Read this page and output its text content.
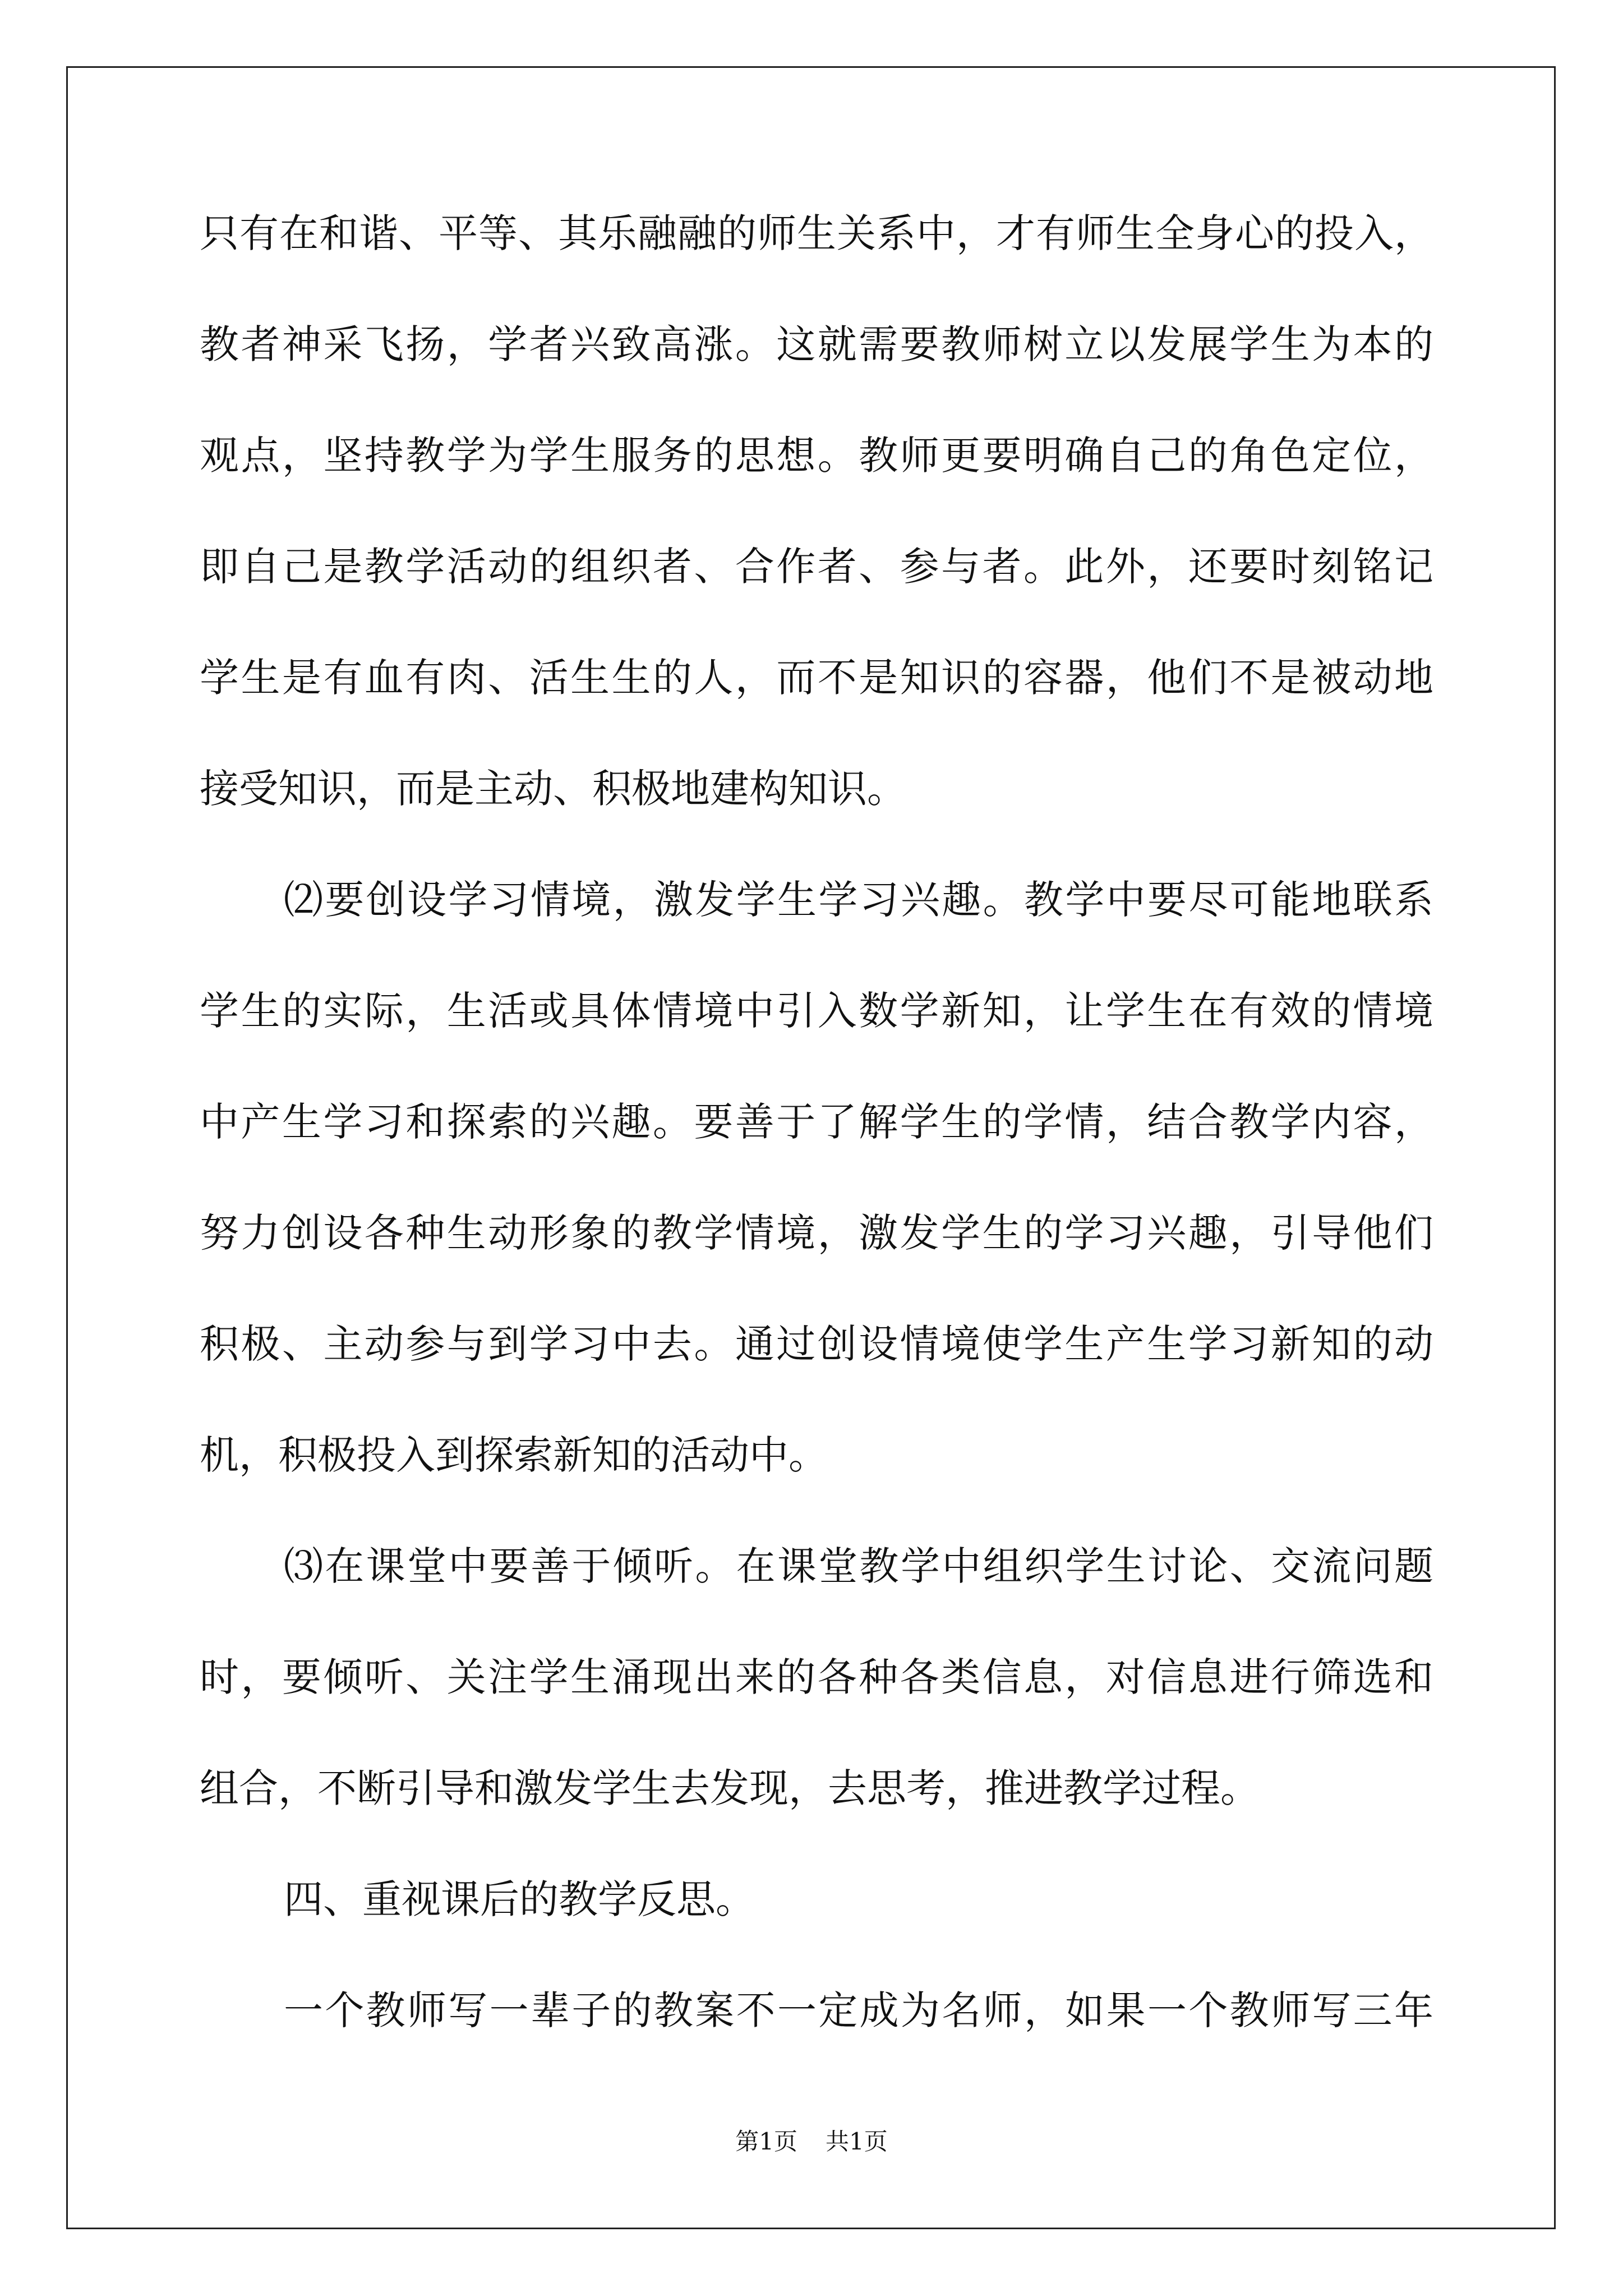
只有在和谐、平等、其乐融融的师生关系中，才有师生全身心的投入，
教者神采飞扬，学者兴致高涨。这就需要教师树立以发展学生为本的
观点，坚持教学为学生服务的思想。教师更要明确自己的角色定位，
即自己是教学活动的组织者、合作者、参与者。此外，还要时刻铭记
学生是有血有肉、活生生的人，而不是知识的容器，他们不是被动地
接受知识，而是主动、积极地建构知识。
⑵要创设学习情境，激发学生学习兴趣。教学中要尽可能地联系
学生的实际，生活或具体情境中引入数学新知，让学生在有效的情境
中产生学习和探索的兴趣。要善于了解学生的学情，结合教学内容，
努力创设各种生动形象的教学情境，激发学生的学习兴趣，引导他们
积极、主动参与到学习中去。通过创设情境使学生产生学习新知的动
机，积极投入到探索新知的活动中。
⑶在课堂中要善于倾听。在课堂教学中组织学生讨论、交流问题
时，要倾听、关注学生涌现出来的各种各类信息，对信息进行筛选和
组合，不断引导和激发学生去发现，去思考，推进教学过程。
四、重视课后的教学反思。
一个教师写一辈子的教案不一定成为名师，如果一个教师写三年
第1页 共1页
